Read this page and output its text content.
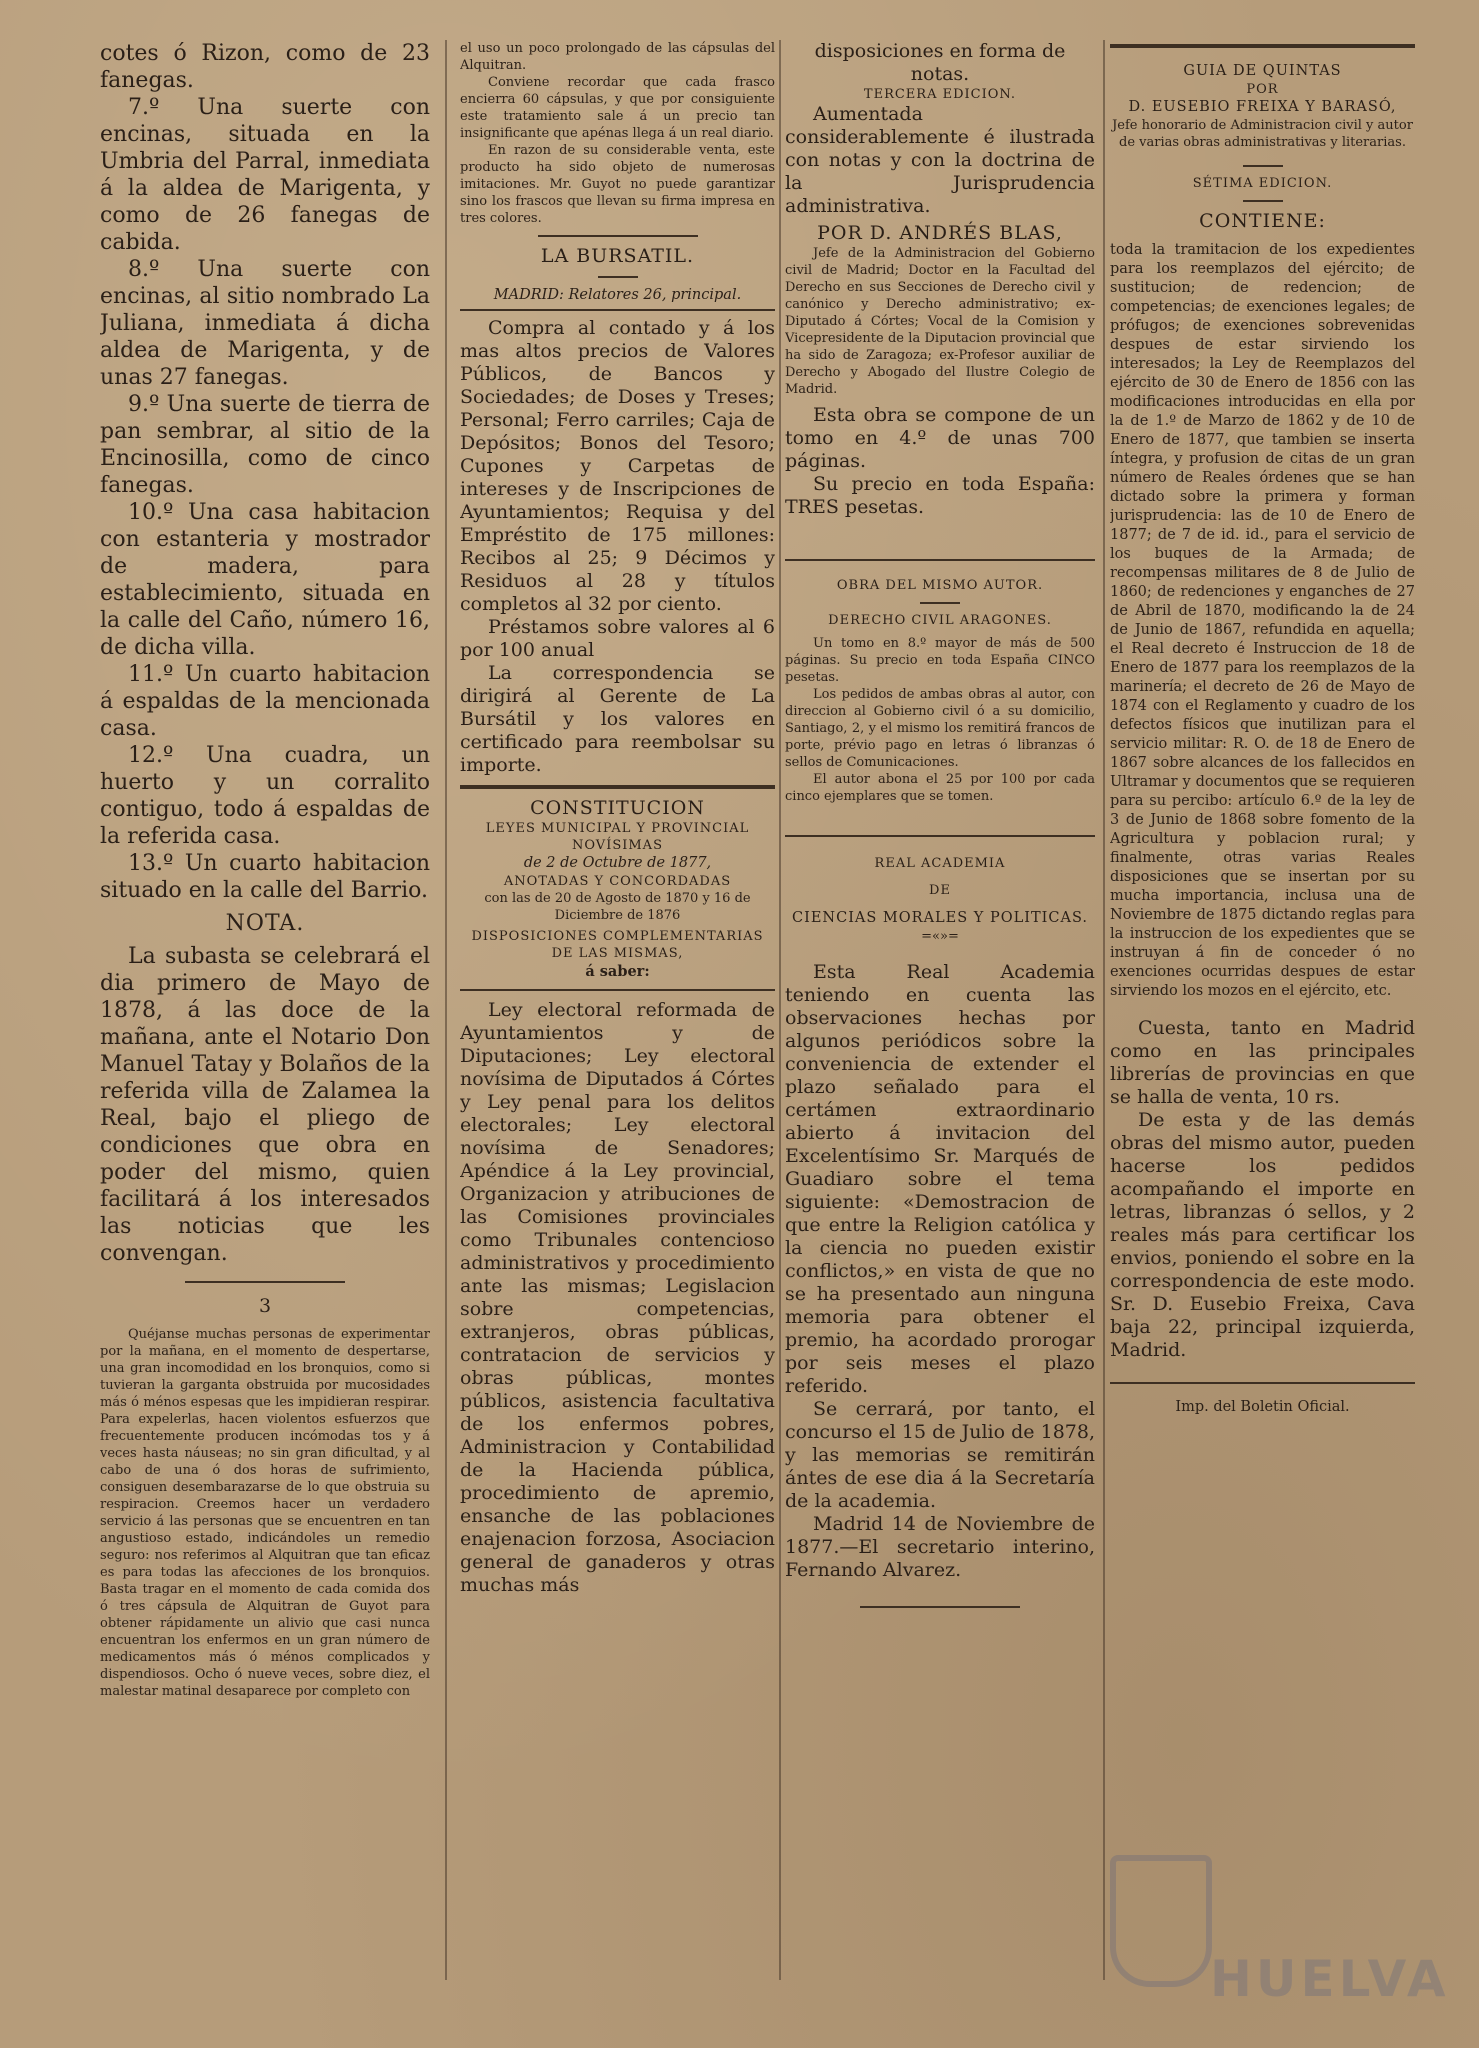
cotes ó Rizon, como de 23 fanegas.

7.º Una suerte con encinas, situada en la Umbria del Parral, inmediata á la aldea de Marigenta, y como de 26 fanegas de cabida.

8.º Una suerte con encinas, al sitio nombrado La Juliana, inmediata á dicha aldea de Marigenta, y de unas 27 fanegas.

9.º Una suerte de tierra de pan sembrar, al sitio de la Encinosilla, como de cinco fanegas.

10.º Una casa habitacion con estanteria y mostrador de madera, para establecimiento, situada en la calle del Caño, número 16, de dicha villa.

11.º Un cuarto habitacion á espaldas de la mencionada casa.

12.º Una cuadra, un huerto y un corralito contiguo, todo á espaldas de la referida casa.

13.º Un cuarto habitacion situado en la calle del Barrio.

NOTA.

La subasta se celebrará el dia primero de Mayo de 1878, á las doce de la mañana, ante el Notario Don Manuel Tatay y Bolaños de la referida villa de Zalamea la Real, bajo el pliego de condiciones que obra en poder del mismo, quien facilitará á los interesados las noticias que les convengan.

3

Quéjanse muchas personas de experimentar por la mañana, en el momento de despertarse, una gran incomodidad en los bronquios, como si tuvieran la garganta obstruida por mucosidades más ó ménos espesas que les impidieran respirar. Para expelerlas, hacen violentos esfuerzos que frecuentemente producen incómodas tos y á veces hasta náuseas; no sin gran dificultad, y al cabo de una ó dos horas de sufrimiento, consiguen desembarazarse de lo que obstruia su respiracion. Creemos hacer un verdadero servicio á las personas que se encuentren en tan angustioso estado, indicándoles un remedio seguro: nos referimos al Alquitran que tan eficaz es para todas las afecciones de los bronquios. Basta tragar en el momento de cada comida dos ó tres cápsula de Alquitran de Guyot para obtener rápidamente un alivio que casi nunca encuentran los enfermos en un gran número de medicamentos más ó ménos complicados y dispendiosos. Ocho ó nueve veces, sobre diez, el malestar matinal desaparece por completo con

el uso un poco prolongado de las cápsulas del Alquitran.

Conviene recordar que cada frasco encierra 60 cápsulas, y que por consiguiente este tratamiento sale á un precio tan insignificante que apénas llega á un real diario.

En razon de su considerable venta, este producto ha sido objeto de numerosas imitaciones. Mr. Guyot no puede garantizar sino los frascos que llevan su firma impresa en tres colores.

LA BURSATIL.

MADRID: Relatores 26, principal.

Compra al contado y á los mas altos precios de Valores Públicos, de Bancos y Sociedades; de Doses y Treses; Personal; Ferro carriles; Caja de Depósitos; Bonos del Tesoro; Cupones y Carpetas de intereses y de Inscripciones de Ayuntamientos; Requisa y del Empréstito de 175 millones: Recibos al 25; 9 Décimos y Residuos al 28 y títulos completos al 32 por ciento.

Préstamos sobre valores al 6 por 100 anual

La correspondencia se dirigirá al Gerente de La Bursátil y los valores en certificado para reembolsar su importe.

CONSTITUCION

LEYES MUNICIPAL Y PROVINCIAL

NOVÍSIMAS

de 2 de Octubre de 1877,

ANOTADAS Y CONCORDADAS

con las de 20 de Agosto de 1870 y 16 de Diciembre de 1876

DISPOSICIONES COMPLEMENTARIAS

DE LAS MISMAS,

á saber:

Ley electoral reformada de Ayuntamientos y de Diputaciones; Ley electoral novísima de Diputados á Córtes y Ley penal para los delitos electorales; Ley electoral novísima de Senadores; Apéndice á la Ley provincial, Organizacion y atribuciones de las Comisiones provinciales como Tribunales contencioso administrativos y procedimiento ante las mismas; Legislacion sobre competencias, extranjeros, obras públicas, contratacion de servicios y obras públicas, montes públicos, asistencia facultativa de los enfermos pobres, Administracion y Contabilidad de la Hacienda pública, procedimiento de apremio, ensanche de las poblaciones enajenacion forzosa, Asociacion general de ganaderos y otras muchas más

disposiciones en forma de notas.

TERCERA EDICION.

Aumentada considerablemente é ilustrada con notas y con la doctrina de la Jurisprudencia administrativa.

POR D. ANDRÉS BLAS,

Jefe de la Administracion del Gobierno civil de Madrid; Doctor en la Facultad del Derecho en sus Secciones de Derecho civil y canónico y Derecho administrativo; ex-Diputado á Córtes; Vocal de la Comision y Vicepresidente de la Diputacion provincial que ha sido de Zaragoza; ex-Profesor auxiliar de Derecho y Abogado del Ilustre Colegio de Madrid.

Esta obra se compone de un tomo en 4.º de unas 700 páginas.

Su precio en toda España: TRES pesetas.

OBRA DEL MISMO AUTOR.

DERECHO CIVIL ARAGONES.

Un tomo en 8.º mayor de más de 500 páginas. Su precio en toda España CINCO pesetas.

Los pedidos de ambas obras al autor, con direccion al Gobierno civil ó a su domicilio, Santiago, 2, y el mismo los remitirá francos de porte, prévio pago en letras ó libranzas ó sellos de Comunicaciones.

El autor abona el 25 por 100 por cada cinco ejemplares que se tomen.

REAL ACADEMIA

DE

CIENCIAS MORALES Y POLITICAS.

=«»=

Esta Real Academia teniendo en cuenta las observaciones hechas por algunos periódicos sobre la conveniencia de extender el plazo señalado para el certámen extraordinario abierto á invitacion del Excelentísimo Sr. Marqués de Guadiaro sobre el tema siguiente: «Demostracion de que entre la Religion católica y la ciencia no pueden existir conflictos,» en vista de que no se ha presentado aun ninguna memoria para obtener el premio, ha acordado prorogar por seis meses el plazo referido.

Se cerrará, por tanto, el concurso el 15 de Julio de 1878, y las memorias se remitirán ántes de ese dia á la Secretaría de la academia.

Madrid 14 de Noviembre de 1877.—El secretario interino, Fernando Alvarez.

GUIA DE QUINTAS

POR

D. EUSEBIO FREIXA Y BARASÓ,

Jefe honorario de Administracion civil y autor de varias obras administrativas y literarias.

SÉTIMA EDICION.

CONTIENE:

toda la tramitacion de los expedientes para los reemplazos del ejército; de sustitucion; de redencion; de competencias; de exenciones legales; de prófugos; de exenciones sobrevenidas despues de estar sirviendo los interesados; la Ley de Reemplazos del ejército de 30 de Enero de 1856 con las modificaciones introducidas en ella por la de 1.º de Marzo de 1862 y de 10 de Enero de 1877, que tambien se inserta íntegra, y profusion de citas de un gran número de Reales órdenes que se han dictado sobre la primera y forman jurisprudencia: las de 10 de Enero de 1877; de 7 de id. id., para el servicio de los buques de la Armada; de recompensas militares de 8 de Julio de 1860; de redenciones y enganches de 27 de Abril de 1870, modificando la de 24 de Junio de 1867, refundida en aquella; el Real decreto é Instruccion de 18 de Enero de 1877 para los reemplazos de la marinería; el decreto de 26 de Mayo de 1874 con el Reglamento y cuadro de los defectos físicos que inutilizan para el servicio militar: R. O. de 18 de Enero de 1867 sobre alcances de los fallecidos en Ultramar y documentos que se requieren para su percibo: artículo 6.º de la ley de 3 de Junio de 1868 sobre fomento de la Agricultura y poblacion rural; y finalmente, otras varias Reales disposiciones que se insertan por su mucha importancia, inclusa una de Noviembre de 1875 dictando reglas para la instruccion de los expedientes que se instruyan á fin de conceder ó no exenciones ocurridas despues de estar sirviendo los mozos en el ejército, etc.

Cuesta, tanto en Madrid como en las principales librerías de provincias en que se halla de venta, 10 rs.

De esta y de las demás obras del mismo autor, pueden hacerse los pedidos acompañando el importe en letras, libranzas ó sellos, y 2 reales más para certificar los envios, poniendo el sobre en la correspondencia de este modo. Sr. D. Eusebio Freixa, Cava baja 22, principal izquierda, Madrid.

Imp. del Boletin Oficial.

HUELVA
